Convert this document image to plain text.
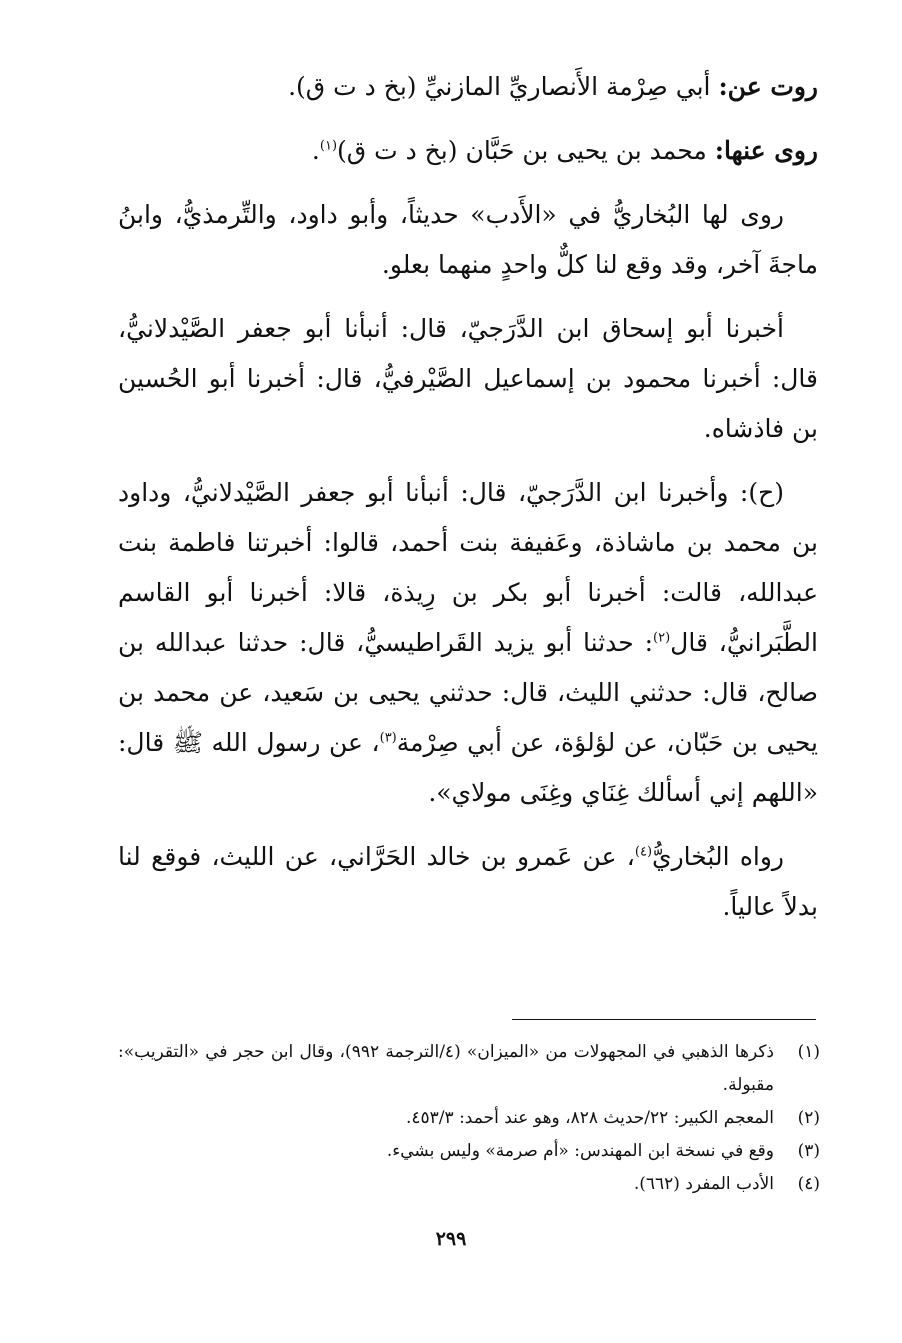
روت عن: أبي صِرْمة الأَنصاريِّ المازنيِّ (بخ د ت ق).

روى عنها: محمد بن يحيى بن حَبَّان (بخ د ت ق)$^{(١)}$.

روى لها البُخاريُّ في «الأَدب» حديثاً، وأبو داود، والتِّرمذيُّ، وابنُ ماجةَ آخر، وقد وقع لنا كلٌّ واحدٍ منهما بعلو.

أخبرنا أبو إسحاق ابن الدَّرَجيّ، قال: أنبأنا أبو جعفر الصَّيْدلانيُّ، قال: أخبرنا محمود بن إسماعيل الصَّيْرفيُّ، قال: أخبرنا أبو الحُسين بن فاذشاه.

(ح): وأخبرنا ابن الدَّرَجيّ، قال: أنبأنا أبو جعفر الصَّيْدلانيُّ، وداود بن محمد بن ماشاذة، وعَفيفة بنت أحمد، قالوا: أخبرتنا فاطمة بنت عبدالله، قالت: أخبرنا أبو بكر بن رِيذة، قالا: أخبرنا أبو القاسم الطَّبَرانيُّ، قال$^{(٢)}$: حدثنا أبو يزيد القَراطيسيُّ، قال: حدثنا عبدالله بن صالح، قال: حدثني الليث، قال: حدثني يحيى بن سَعيد، عن محمد بن يحيى بن حَبّان، عن لؤلؤة، عن أبي صِرْمة$^{(٣)}$، عن رسول الله ﷺ قال: «اللهم إني أسألك غِنَاي وغِنَى مولاي».

رواه البُخاريُّ$^{(٤)}$، عن عَمرو بن خالد الحَرَّاني، عن الليث، فوقع لنا بدلاً عالياً.

(١)
ذكرها الذهبي في المجهولات من «الميزان» (٤/الترجمة ٩٩٢)، وقال ابن حجر في «التقريب»: مقبولة.
(٢)
المعجم الكبير: ٢٢/حديث ٨٢٨، وهو عند أحمد: ٤٥٣/٣.
(٣)
وقع في نسخة ابن المهندس: «أم صرمة» وليس بشيء.
(٤)
الأدب المفرد (٦٦٢).
٢٩٩
